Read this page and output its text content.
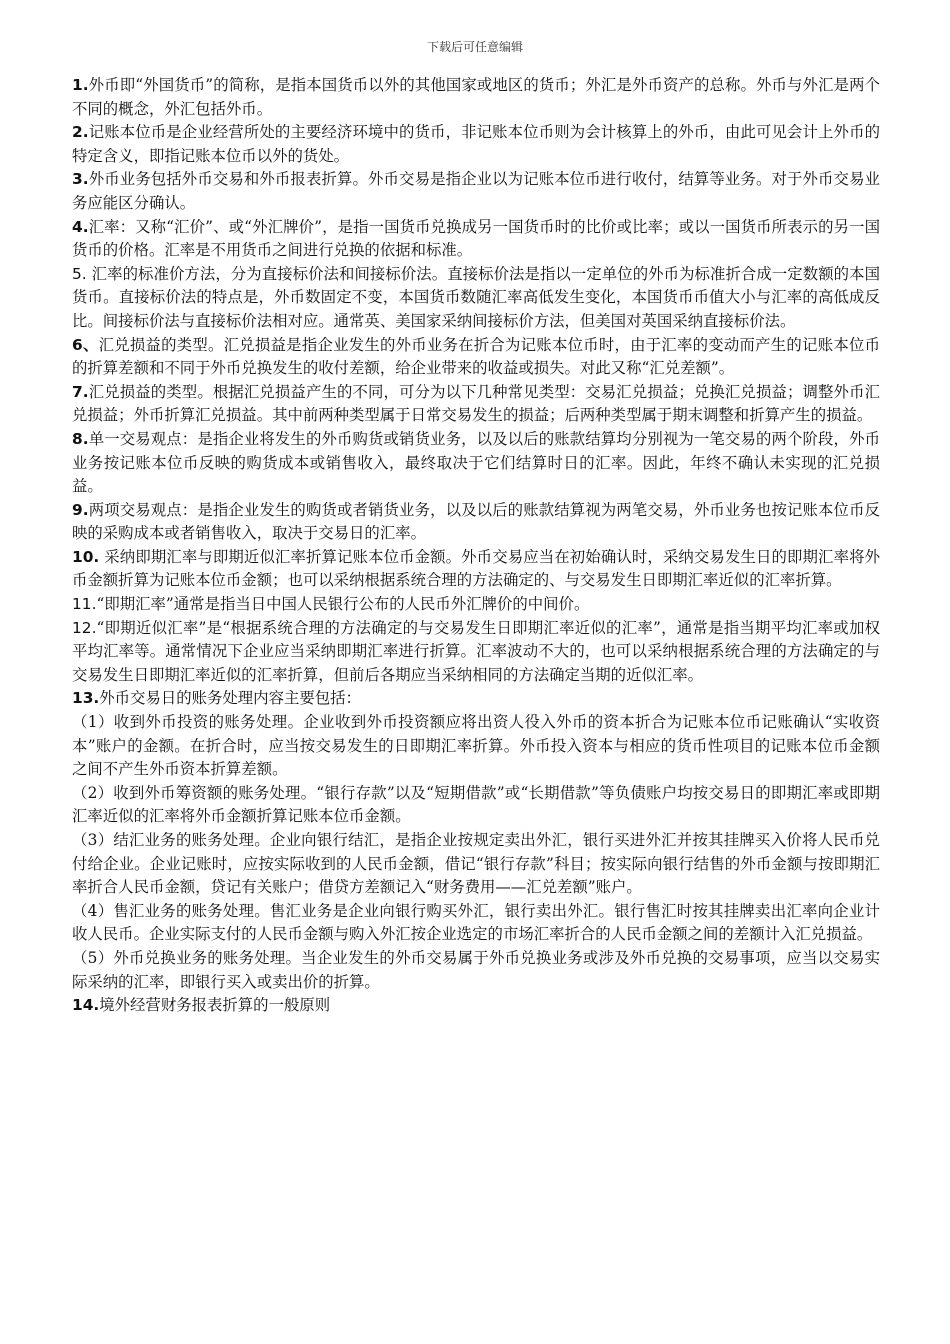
下载后可任意编辑

1.外币即“外国货币”的简称，是指本国货币以外的其他国家或地区的货币；外汇是外币资产的总称。外币与外汇是两个不同的概念，外汇包括外币。

2.记账本位币是企业经营所处的主要经济环境中的货币，非记账本位币则为会计核算上的外币，由此可见会计上外币的特定含义，即指记账本位币以外的货处。

3.外币业务包括外币交易和外币报表折算。外币交易是指企业以为记账本位币进行收付，结算等业务。对于外币交易业务应能区分确认。

4.汇率：又称“汇价”、或“外汇牌价”，是指一国货币兑换成另一国货币时的比价或比率；或以一国货币所表示的另一国货币的价格。汇率是不用货币之间进行兑换的依据和标准。

5. 汇率的标准价方法，分为直接标价法和间接标价法。直接标价法是指以一定单位的外币为标准折合成一定数额的本国货币。直接标价法的特点是，外币数固定不变，本国货币数随汇率高低发生变化，本国货币币值大小与汇率的高低成反比。间接标价法与直接标价法相对应。通常英、美国家采纳间接标价方法，但美国对英国采纳直接标价法。

6、汇兑损益的类型。汇兑损益是指企业发生的外币业务在折合为记账本位币时，由于汇率的变动而产生的记账本位币的折算差额和不同于外币兑换发生的收付差额，给企业带来的收益或损失。对此又称“汇兑差额”。

7.汇兑损益的类型。根据汇兑损益产生的不同，可分为以下几种常见类型：交易汇兑损益；兑换汇兑损益；调整外币汇兑损益；外币折算汇兑损益。其中前两种类型属于日常交易发生的损益；后两种类型属于期末调整和折算产生的损益。

8.单一交易观点：是指企业将发生的外币购货或销货业务，以及以后的账款结算均分别视为一笔交易的两个阶段，外币业务按记账本位币反映的购货成本或销售收入，最终取决于它们结算时日的汇率。因此，年终不确认未实现的汇兑损益。

9.两项交易观点：是指企业发生的购货或者销货业务，以及以后的账款结算视为两笔交易，外币业务也按记账本位币反映的采购成本或者销售收入，取决于交易日的汇率。

10. 采纳即期汇率与即期近似汇率折算记账本位币金额。外币交易应当在初始确认时，采纳交易发生日的即期汇率将外币金额折算为记账本位币金额；也可以采纳根据系统合理的方法确定的、与交易发生日即期汇率近似的汇率折算。

11.“即期汇率”通常是指当日中国人民银行公布的人民币外汇牌价的中间价。

12.“即期近似汇率”是“根据系统合理的方法确定的与交易发生日即期汇率近似的汇率”，通常是指当期平均汇率或加权平均汇率等。通常情况下企业应当采纳即期汇率进行折算。汇率波动不大的，也可以采纳根据系统合理的方法确定的与交易发生日即期汇率近似的汇率折算，但前后各期应当采纳相同的方法确定当期的近似汇率。

13.外币交易日的账务处理内容主要包括：

（1）收到外币投资的账务处理。企业收到外币投资额应将出资人役入外币的资本折合为记账本位币记账确认“实收资本”账户的金额。在折合时，应当按交易发生的日即期汇率折算。外币投入资本与相应的货币性项目的记账本位币金额之间不产生外币资本折算差额。

（2）收到外币筹资额的账务处理。“银行存款”以及“短期借款”或“长期借款”等负债账户均按交易日的即期汇率或即期汇率近似的汇率将外币金额折算记账本位币金额。

（3）结汇业务的账务处理。企业向银行结汇，是指企业按规定卖出外汇，银行买进外汇并按其挂牌买入价将人民币兑付给企业。企业记账时，应按实际收到的人民币金额，借记“银行存款”科目；按实际向银行结售的外币金额与按即期汇率折合人民币金额，贷记有关账户；借贷方差额记入“财务费用——汇兑差额”账户。

（4）售汇业务的账务处理。售汇业务是企业向银行购买外汇，银行卖出外汇。银行售汇时按其挂牌卖出汇率向企业计收人民币。企业实际支付的人民币金额与购入外汇按企业选定的市场汇率折合的人民币金额之间的差额计入汇兑损益。

（5）外币兑换业务的账务处理。当企业发生的外币交易属于外币兑换业务或涉及外币兑换的交易事项，应当以交易实际采纳的汇率，即银行买入或卖出价的折算。

14.境外经营财务报表折算的一般原则
